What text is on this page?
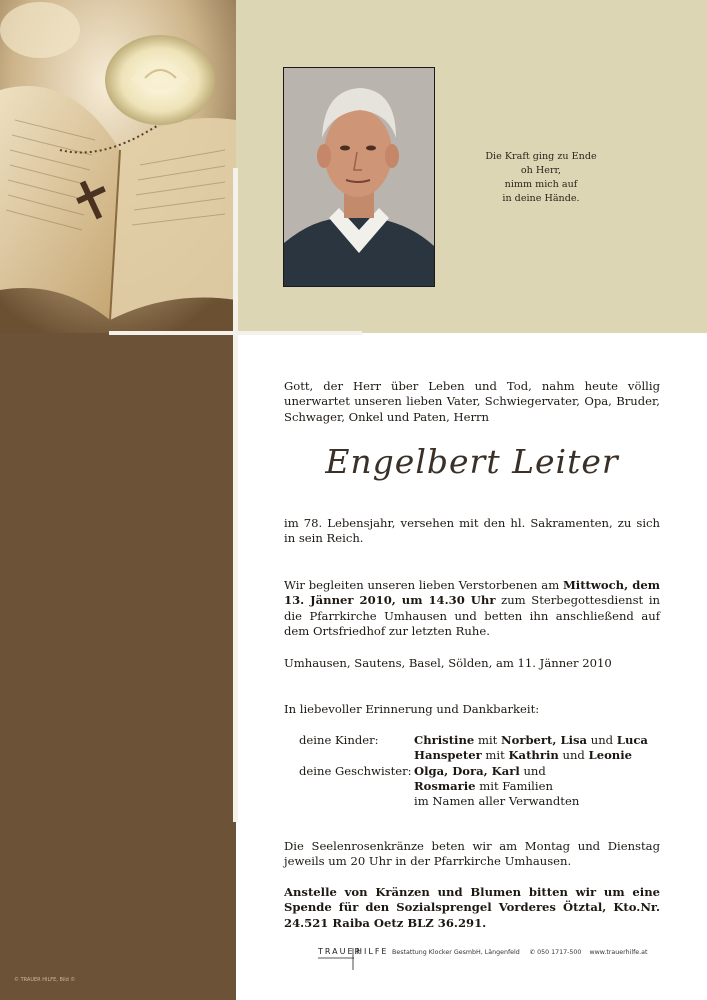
Die Kraft ging zu Ende
oh Herr,
nimm mich auf
in deine Hände.
Gott, der Herr über Leben und Tod, nahm heute völlig unerwartet unseren lieben Vater, Schwiegervater, Opa, Bruder, Schwager, Onkel und Paten, Herrn
Engelbert Leiter
im 78. Lebensjahr, versehen mit den hl. Sakramenten, zu sich in sein Reich.
Wir begleiten unseren lieben Verstorbenen am Mittwoch, dem 13. Jänner 2010, um 14.30 Uhr zum Sterbegottesdienst in die Pfarrkirche Umhausen und betten ihn anschließend auf dem Ortsfriedhof zur letzten Ruhe.
Umhausen, Sautens, Basel, Sölden, am 11. Jänner 2010
In liebevoller Erinnerung und Dankbarkeit:
deine Kinder:
deine Geschwister:
Christine mit Norbert, Lisa und Luca
Hanspeter mit Kathrin und Leonie
Olga, Dora, Karl und
Rosmarie mit Familien
im Namen aller Verwandten
Die Seelenrosenkränze beten wir am Montag und Dienstag jeweils um 20 Uhr in der Pfarrkirche Umhausen.
Anstelle von Kränzen und Blumen bitten wir um eine Spende für den Sozialsprengel Vorderes Ötztal, Kto.Nr. 24.521 Raiba Oetz BLZ 36.291.
TRAUER
HILFE Bestattung Klocker GesmbH, Längenfeld ✆ 050 1717-500 www.trauerhilfe.at
© TRAUER HILFE, Bild ©
